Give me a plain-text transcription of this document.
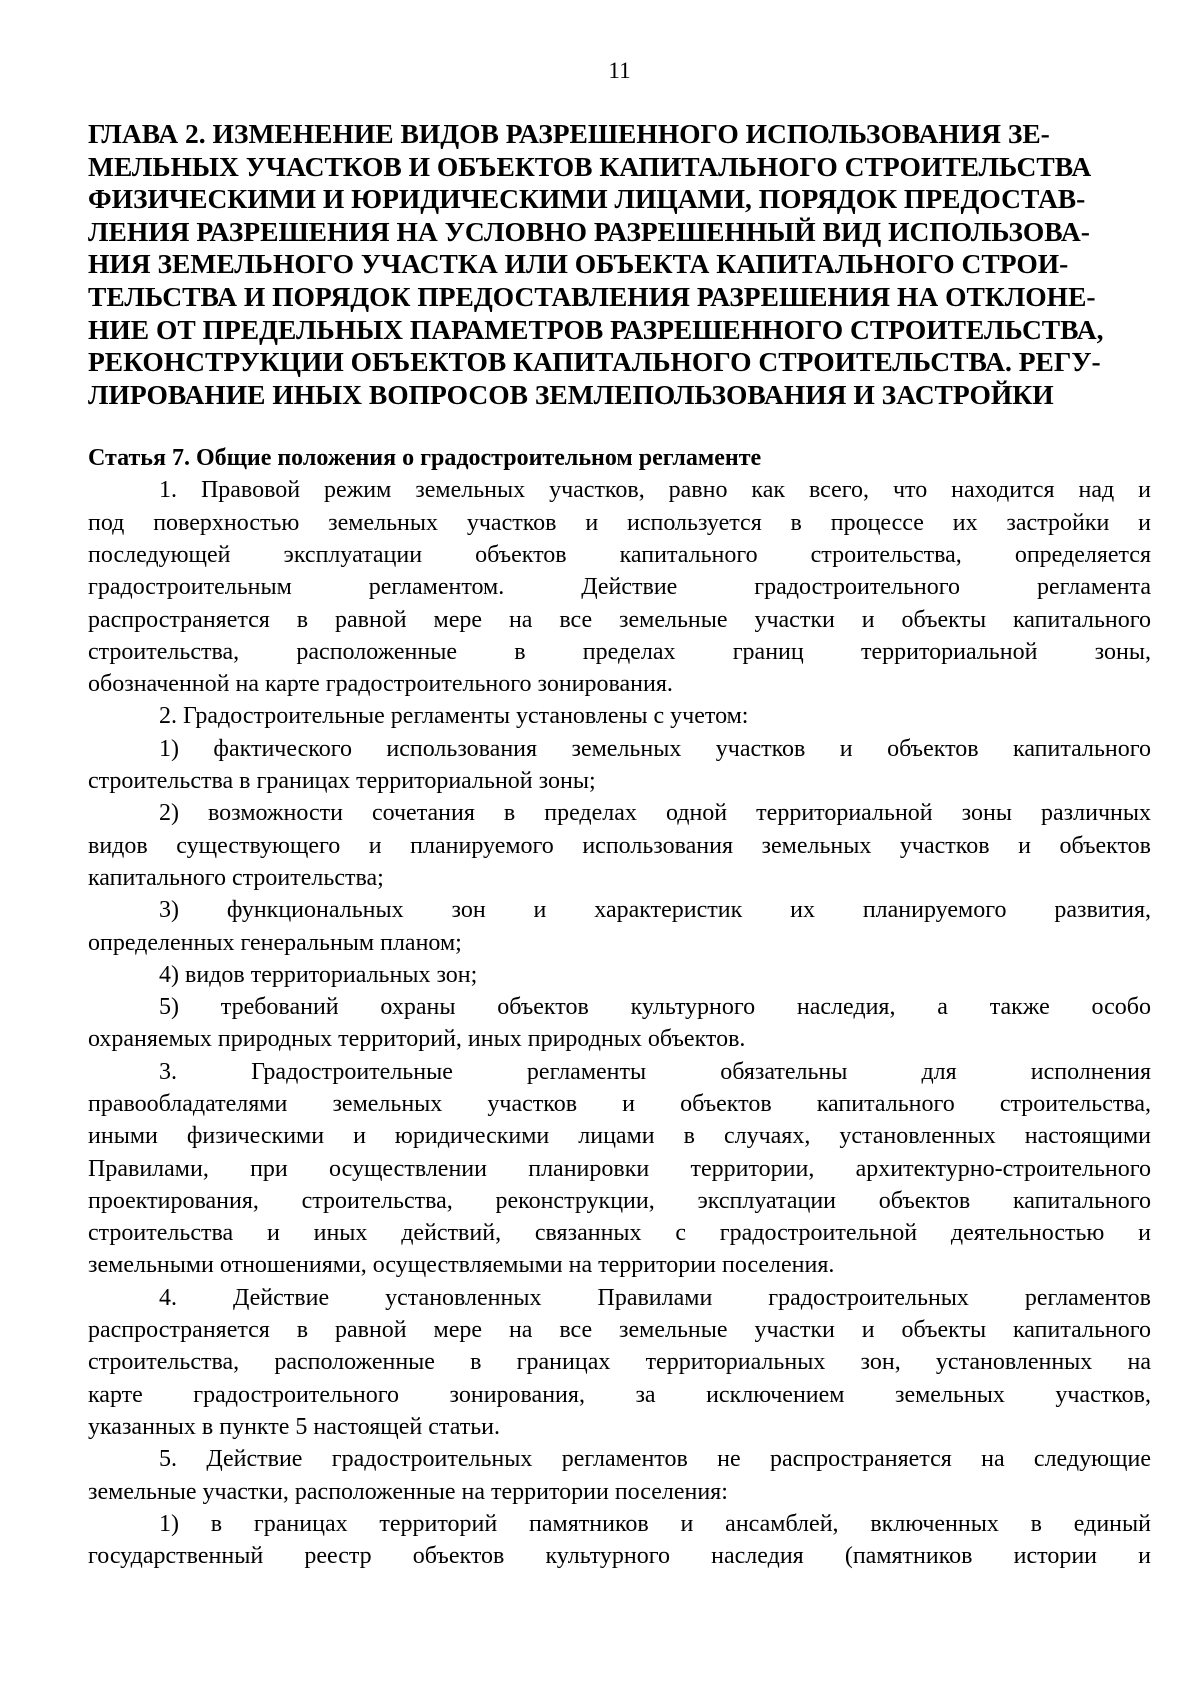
11
ГЛАВА 2. ИЗМЕНЕНИЕ ВИДОВ РАЗРЕШЕННОГО ИСПОЛЬЗОВАНИЯ ЗЕ-
МЕЛЬНЫХ УЧАСТКОВ И ОБЪЕКТОВ КАПИТАЛЬНОГО СТРОИТЕЛЬСТВА
ФИЗИЧЕСКИМИ И ЮРИДИЧЕСКИМИ ЛИЦАМИ, ПОРЯДОК ПРЕДОСТАВ-
ЛЕНИЯ РАЗРЕШЕНИЯ НА УСЛОВНО РАЗРЕШЕННЫЙ ВИД ИСПОЛЬЗОВА-
НИЯ ЗЕМЕЛЬНОГО УЧАСТКА ИЛИ ОБЪЕКТА КАПИТАЛЬНОГО СТРОИ-
ТЕЛЬСТВА И ПОРЯДОК ПРЕДОСТАВЛЕНИЯ РАЗРЕШЕНИЯ НА ОТКЛОНЕ-
НИЕ ОТ ПРЕДЕЛЬНЫХ ПАРАМЕТРОВ РАЗРЕШЕННОГО СТРОИТЕЛЬСТВА,
РЕКОНСТРУКЦИИ ОБЪЕКТОВ КАПИТАЛЬНОГО СТРОИТЕЛЬСТВА. РЕГУ-
ЛИРОВАНИЕ ИНЫХ ВОПРОСОВ ЗЕМЛЕПОЛЬЗОВАНИЯ И ЗАСТРОЙКИ
Статья 7. Общие положения о градостроительном регламенте
1. Правовой режим земельных участков, равно как всего, что находится над и
под поверхностью земельных участков и используется в процессе их застройки и
последующей эксплуатации объектов капитального строительства, определяется
градостроительным регламентом. Действие градостроительного регламента
распространяется в равной мере на все земельные участки и объекты капитального
строительства, расположенные в пределах границ территориальной зоны,
обозначенной на карте градостроительного зонирования.
2. Градостроительные регламенты установлены с учетом:
1) фактического использования земельных участков и объектов капитального
строительства в границах территориальной зоны;
2) возможности сочетания в пределах одной территориальной зоны различных
видов существующего и планируемого использования земельных участков и объектов
капитального строительства;
3) функциональных зон и характеристик их планируемого развития,
определенных генеральным планом;
4) видов территориальных зон;
5) требований охраны объектов культурного наследия, а также особо
охраняемых природных территорий, иных природных объектов.
3. Градостроительные регламенты обязательны для исполнения
правообладателями земельных участков и объектов капитального строительства,
иными физическими и юридическими лицами в случаях, установленных настоящими
Правилами, при осуществлении планировки территории, архитектурно-строительного
проектирования, строительства, реконструкции, эксплуатации объектов капитального
строительства и иных действий, связанных с градостроительной деятельностью и
земельными отношениями, осуществляемыми на территории поселения.
4. Действие установленных Правилами градостроительных регламентов
распространяется в равной мере на все земельные участки и объекты капитального
строительства, расположенные в границах территориальных зон, установленных на
карте градостроительного зонирования, за исключением земельных участков,
указанных в пункте 5 настоящей статьи.
5. Действие градостроительных регламентов не распространяется на следующие
земельные участки, расположенные на территории поселения:
1) в границах территорий памятников и ансамблей, включенных в единый
государственный реестр объектов культурного наследия (памятников истории и
